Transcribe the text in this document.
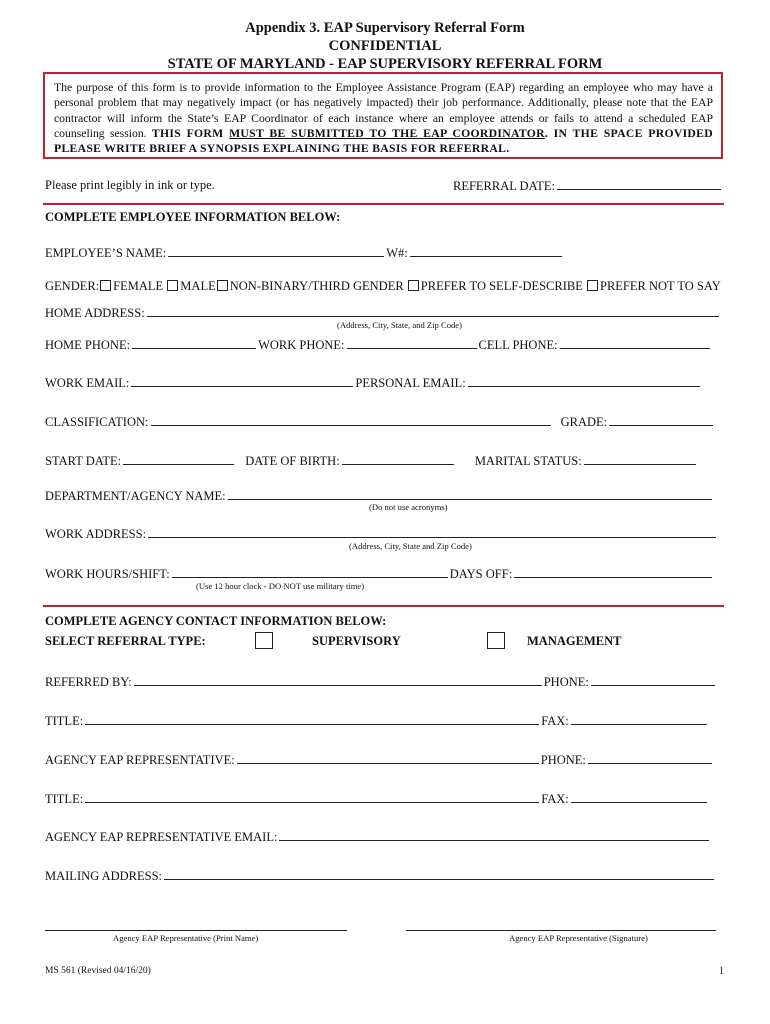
Appendix 3. EAP Supervisory Referral Form
CONFIDENTIAL
STATE OF MARYLAND - EAP SUPERVISORY REFERRAL FORM
The purpose of this form is to provide information to the Employee Assistance Program (EAP) regarding an employee who may have a personal problem that may negatively impact (or has negatively impacted) their job performance. Additionally, please note that the EAP contractor will inform the State’s EAP Coordinator of each instance where an employee attends or fails to attend a scheduled EAP counseling session. THIS FORM MUST BE SUBMITTED TO THE EAP COORDINATOR. IN THE SPACE PROVIDED PLEASE WRITE BRIEF A SYNOPSIS EXPLAINING THE BASIS FOR REFERRAL.
Please print legibly in ink or type.	REFERRAL DATE:
COMPLETE EMPLOYEE INFORMATION BELOW:
EMPLOYEE’S NAME:	W#:
GENDER: FEMALE MALE NON-BINARY/THIRD GENDER PREFER TO SELF-DESCRIBE PREFER NOT TO SAY
HOME ADDRESS:
(Address, City, State, and Zip Code)
HOME PHONE:	WORK PHONE:	CELL PHONE:
WORK EMAIL:	PERSONAL EMAIL:
CLASSIFICATION:	GRADE:
START DATE:	DATE OF BIRTH:	MARITAL STATUS:
DEPARTMENT/AGENCY NAME:
(Do not use acronyms)
WORK ADDRESS:
(Address, City, State and Zip Code)
WORK HOURS/SHIFT:	DAYS OFF:
(Use 12 hour clock - DO NOT use military time)
COMPLETE AGENCY CONTACT INFORMATION BELOW:
SELECT REFERRAL TYPE:	SUPERVISORY	MANAGEMENT
REFERRED BY:	PHONE:
TITLE:	FAX:
AGENCY EAP REPRESENTATIVE:	PHONE:
TITLE:	FAX:
AGENCY EAP REPRESENTATIVE EMAIL:
MAILING ADDRESS:
Agency EAP Representative (Print Name)	Agency EAP Representative (Signature)
MS 561 (Revised 04/16/20)	1
